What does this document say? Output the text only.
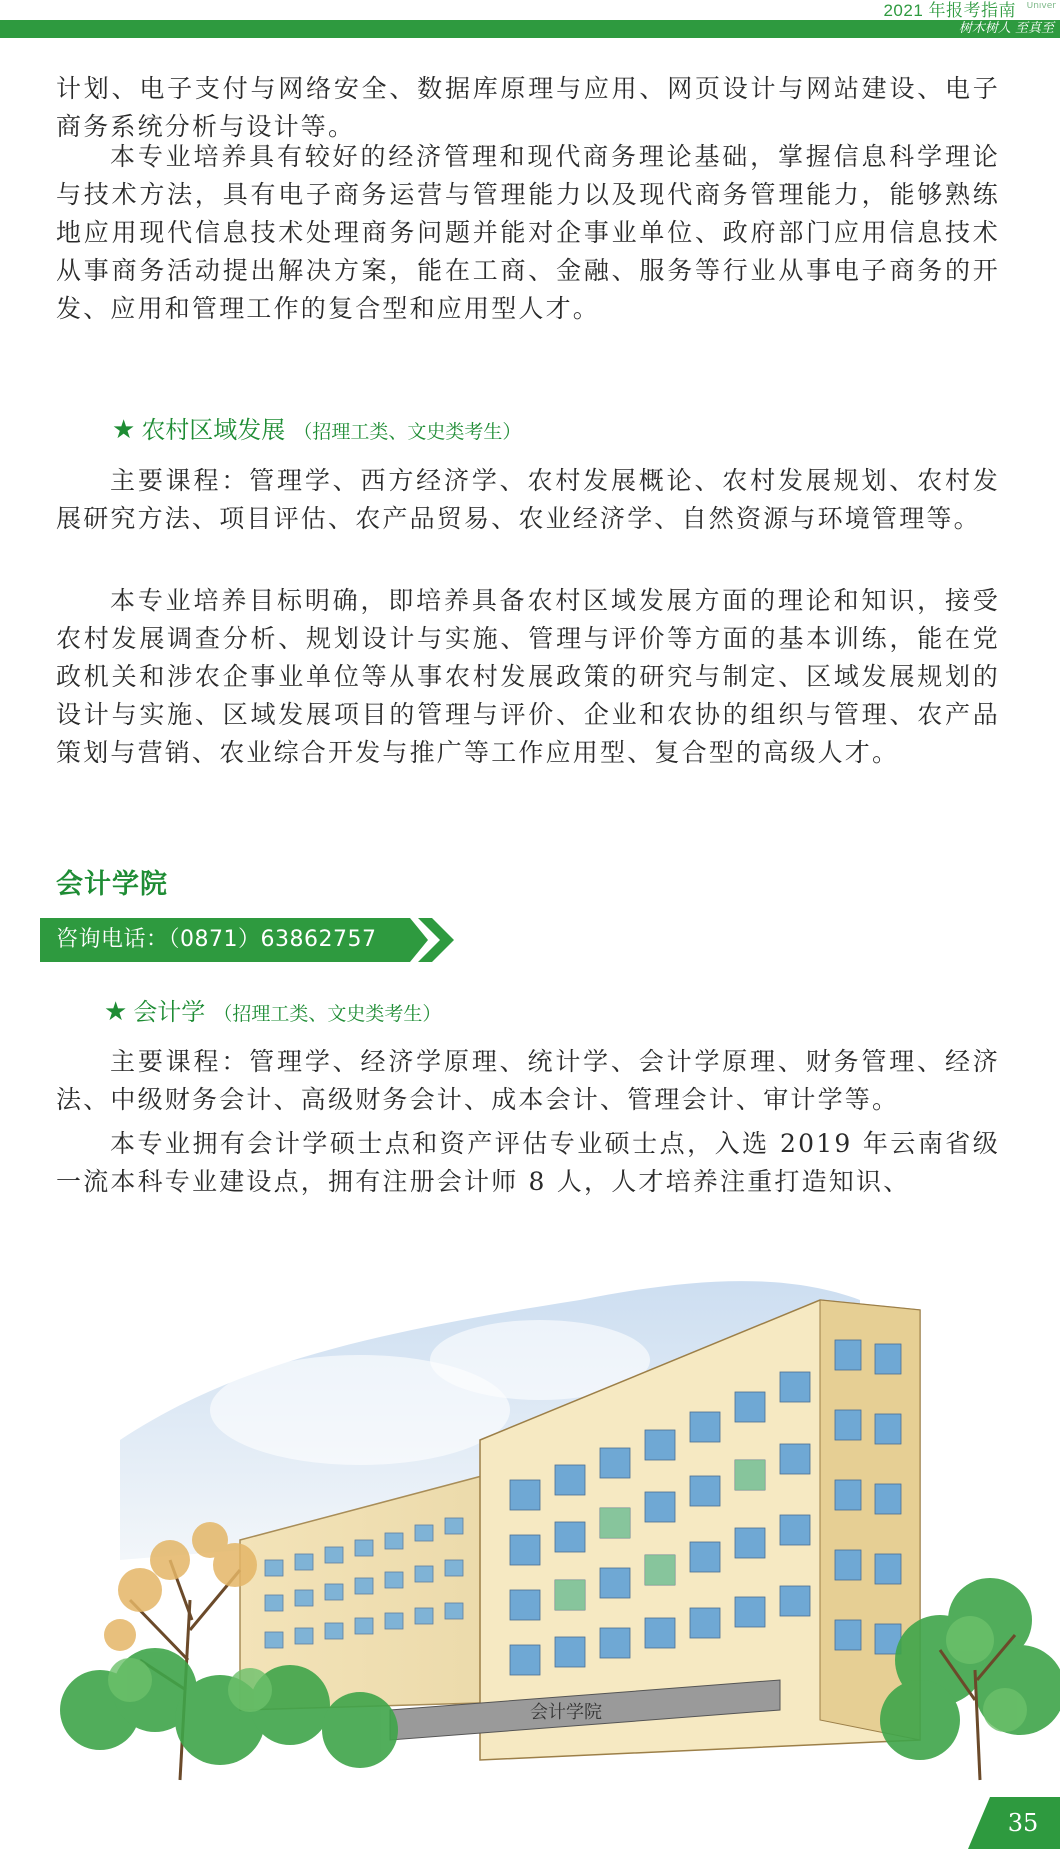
2021 年报考指南
树木树人 至真至
Univer

计划、电子支付与网络安全、数据库原理与应用、网页设计与网站建设、电子商务系统分析与设计等。

本专业培养具有较好的经济管理和现代商务理论基础，掌握信息科学理论与技术方法，具有电子商务运营与管理能力以及现代商务管理能力，能够熟练地应用现代信息技术处理商务问题并能对企事业单位、政府部门应用信息技术从事商务活动提出解决方案，能在工商、金融、服务等行业从事电子商务的开发、应用和管理工作的复合型和应用型人才。

★ 农村区域发展 （招理工类、文史类考生）

主要课程：管理学、西方经济学、农村发展概论、农村发展规划、农村发展研究方法、项目评估、农产品贸易、农业经济学、自然资源与环境管理等。

本专业培养目标明确，即培养具备农村区域发展方面的理论和知识，接受农村发展调查分析、规划设计与实施、管理与评价等方面的基本训练，能在党政机关和涉农企事业单位等从事农村发展政策的研究与制定、区域发展规划的设计与实施、区域发展项目的管理与评价、企业和农协的组织与管理、农产品策划与营销、农业综合开发与推广等工作应用型、复合型的高级人才。

会计学院
咨询电话：（0871）63862757
★ 会计学 （招理工类、文史类考生）

主要课程：管理学、经济学原理、统计学、会计学原理、财务管理、经济法、中级财务会计、高级财务会计、成本会计、管理会计、审计学等。

本专业拥有会计学硕士点和资产评估专业硕士点，入选 2019 年云南省级一流本科专业建设点，拥有注册会计师 8 人，人才培养注重打造知识、

会计学院
35
